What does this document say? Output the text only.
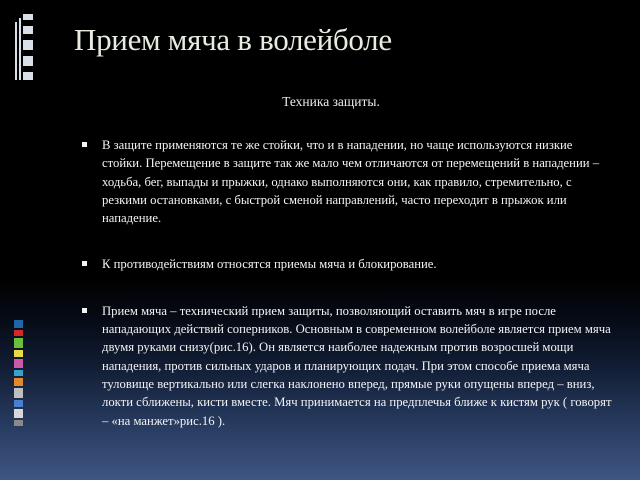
Прием мяча в волейболе
Техника защиты.
В защите применяются те же стойки, что и в нападении, но чаще используются низкие стойки. Перемещение в защите так же мало чем отличаются от перемещений в нападении – ходьба, бег, выпады и прыжки, однако выполняются они, как правило, стремительно, с резкими остановками, с быстрой сменой направлений, часто переходит в прыжок или нападение.
К противодействиям относятся приемы мяча и блокирование.
Прием мяча – технический прием защиты, позволяющий оставить мяч в игре после нападающих действий соперников. Основным в современном волейболе является прием мяча двумя руками снизу(рис.16). Он является наиболее надежным против возросшей мощи нападения, против сильных ударов и планирующих подач. При этом способе приема мяча туловище вертикально или слегка наклонено вперед, прямые руки опущены вперед – вниз, локти сближены, кисти вместе. Мяч принимается на предплечья ближе к кистям рук ( говорят – «на манжет»рис.16 ).
